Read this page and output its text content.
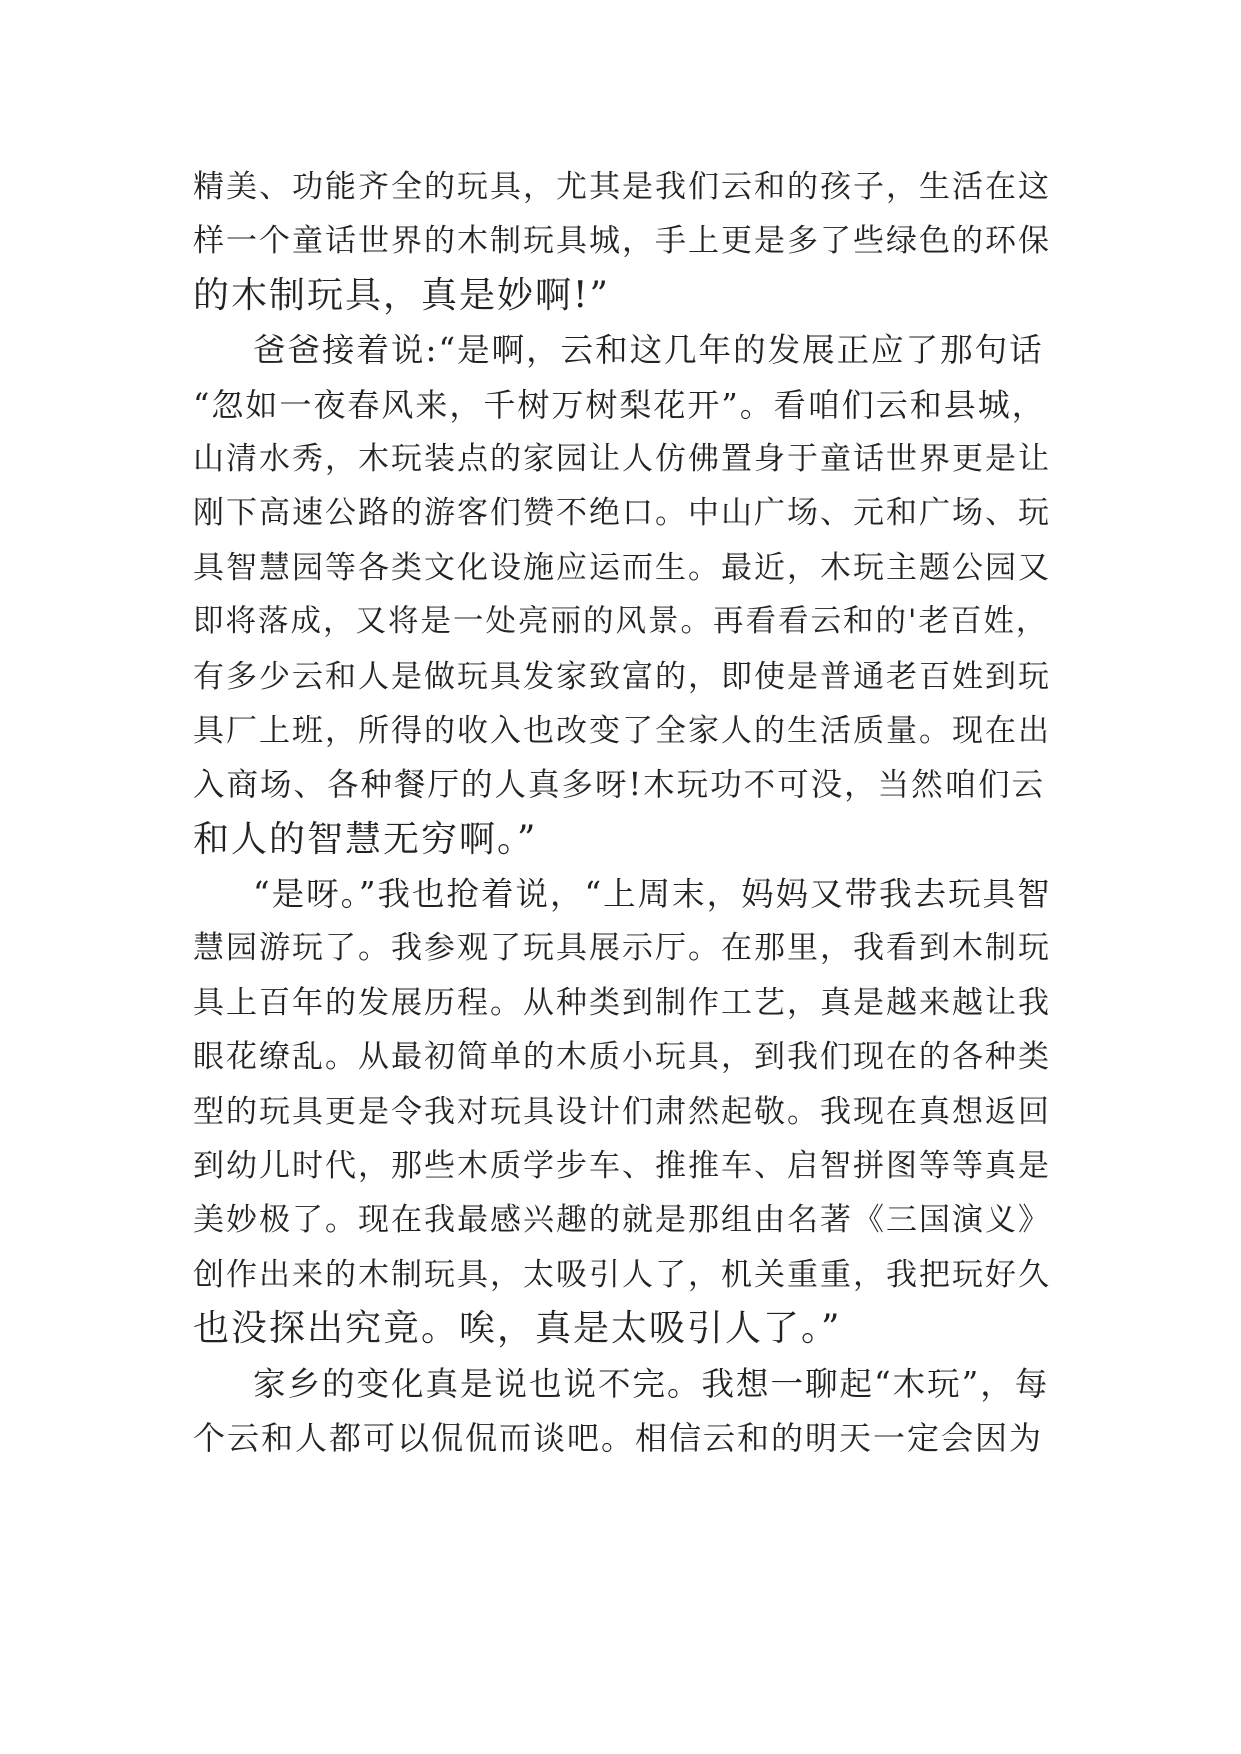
精美、功能齐全的玩具，尤其是我们云和的孩子，生活在这
样一个童话世界的木制玩具城，手上更是多了些绿色的环保
的木制玩具，真是妙啊!”
爸爸接着说:“是啊，云和这几年的发展正应了那句话
“忽如一夜春风来，千树万树梨花开”。看咱们云和县城，
山清水秀，木玩装点的家园让人仿佛置身于童话世界更是让
刚下高速公路的游客们赞不绝口。中山广场、元和广场、玩
具智慧园等各类文化设施应运而生。最近，木玩主题公园又
即将落成，又将是一处亮丽的风景。再看看云和的'老百姓，
有多少云和人是做玩具发家致富的，即使是普通老百姓到玩
具厂上班，所得的收入也改变了全家人的生活质量。现在出
入商场、各种餐厅的人真多呀!木玩功不可没，当然咱们云
和人的智慧无穷啊。”
“是呀。”我也抢着说，“上周末，妈妈又带我去玩具智
慧园游玩了。我参观了玩具展示厅。在那里，我看到木制玩
具上百年的发展历程。从种类到制作工艺，真是越来越让我
眼花缭乱。从最初简单的木质小玩具，到我们现在的各种类
型的玩具更是令我对玩具设计们肃然起敬。我现在真想返回
到幼儿时代，那些木质学步车、推推车、启智拼图等等真是
美妙极了。现在我最感兴趣的就是那组由名著《三国演义》
创作出来的木制玩具，太吸引人了，机关重重，我把玩好久
也没探出究竟。唉，真是太吸引人了。”
家乡的变化真是说也说不完。我想一聊起“木玩”，每
个云和人都可以侃侃而谈吧。相信云和的明天一定会因为
